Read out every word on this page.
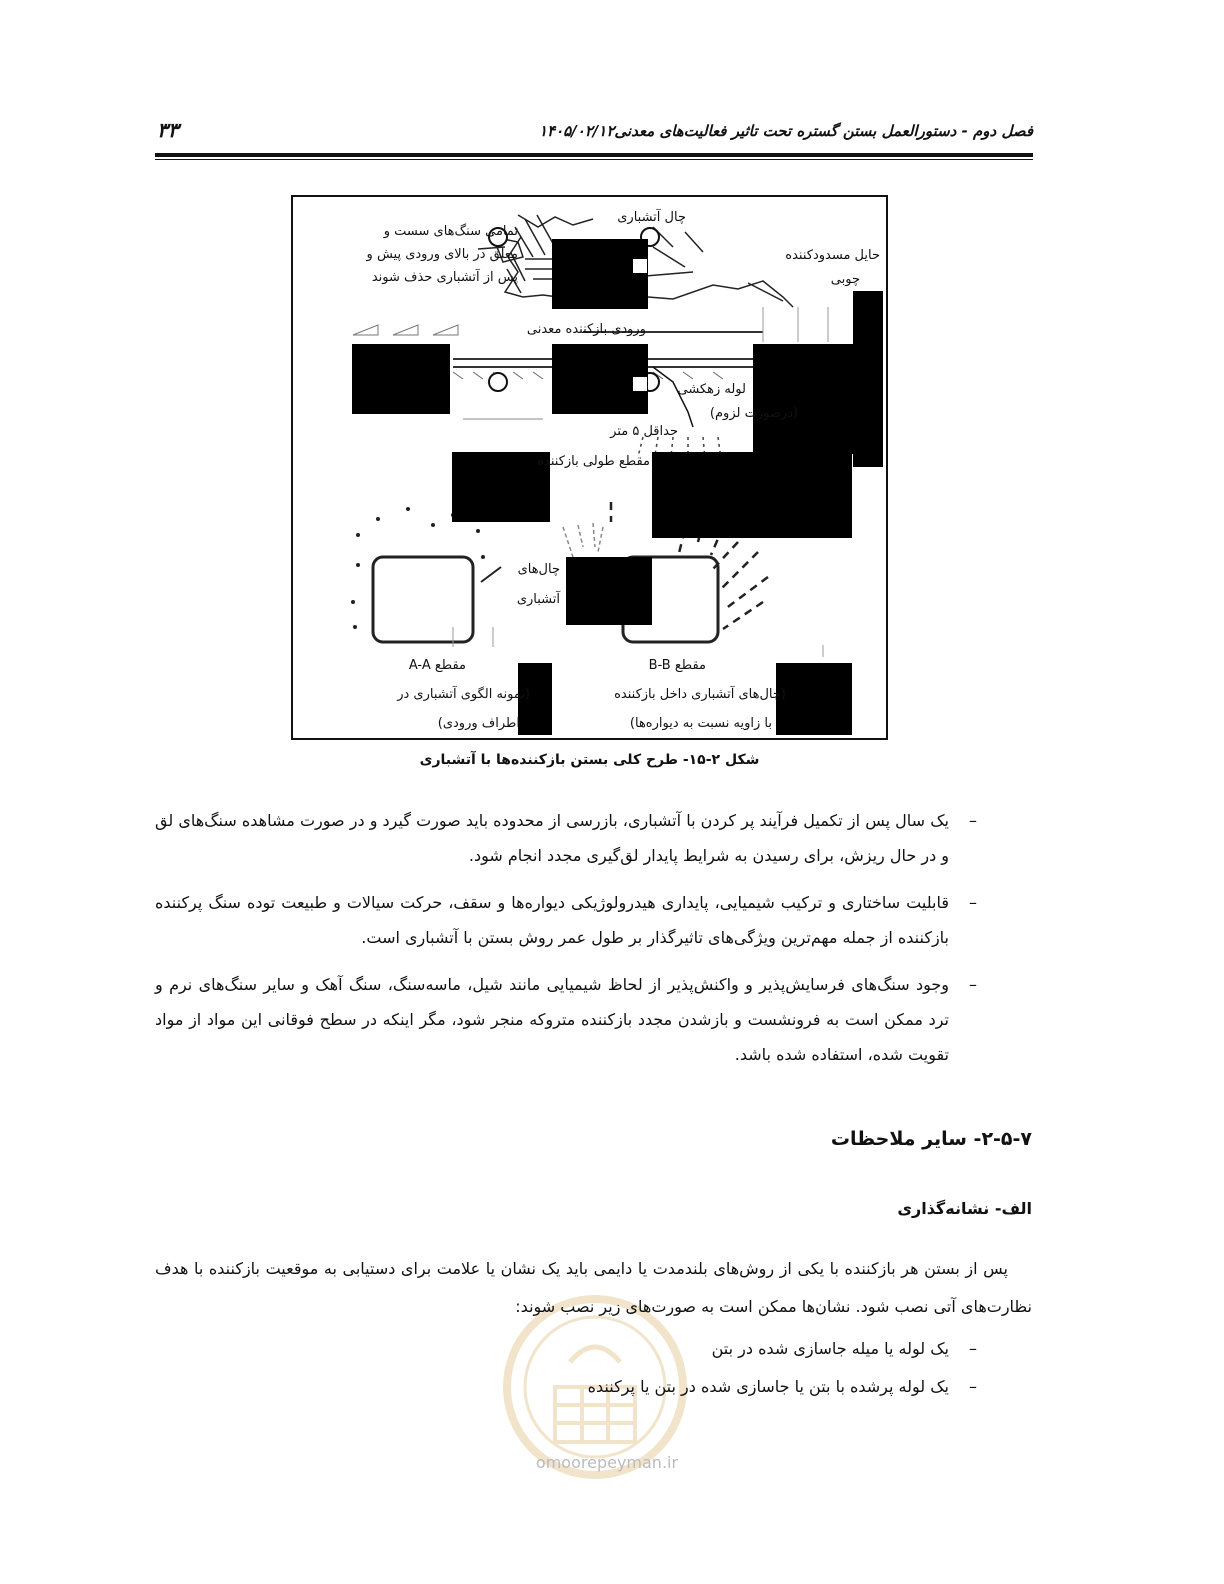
فصل دوم - دستورالعمل بستن گستره تحت تاثیر فعالیت‌های معدنی۱۴۰۵/۰۲/۱۲
۳۳
چال آتشباری
تمامی سنگ‌های سست و
معلق در بالای ورودی پیش و
پس از آتشباری حذف شوند
حایل مسدودکننده
چوبی
ورودی بازکننده معدنی
لوله زهکشی
(درصورت لزوم)
حداقل ۵ متر
مقطع طولی بازکننده
چال‌های
آتشباری
مقطع A-A
(نمونه الگوی آتشباری در
اطراف ورودی)
مقطع B-B
(چال‌های آتشباری داخل بازکننده
با زاویه نسبت به دیواره‌ها)
شکل ۲-۱۵- طرح کلی بستن بازکننده‌ها با آتشباری
–
یک سال پس از تکمیل فرآیند پر کردن با آتشباری، بازرسی از محدوده باید صورت گیرد و در صورت مشاهده سنگ‌های لق و در حال ریزش، برای رسیدن به شرایط پایدار لق‌گیری مجدد انجام شود.
–
قابلیت ساختاری و ترکیب شیمیایی، پایداری هیدرولوژیکی دیواره‌ها و سقف، حرکت سیالات و طبیعت توده سنگ پرکننده بازکننده از جمله مهم‌ترین ویژگی‌های تاثیرگذار بر طول عمر روش بستن با آتشباری است.
–
وجود سنگ‌های فرسایش‌پذیر و واکنش‌پذیر از لحاظ شیمیایی مانند شیل، ماسه‌سنگ، سنگ آهک و سایر سنگ‌های نرم و ترد ممکن است به فرونشست و بازشدن مجدد بازکننده متروکه منجر شود، مگر اینکه در سطح فوقانی این مواد از مواد تقویت شده، استفاده شده باشد.
۲-۵-۷- سایر ملاحظات
الف- نشانه‌گذاری

پس از بستن هر بازکننده با یکی از روش‌های بلندمدت یا دایمی باید یک نشان یا علامت برای دستیابی به موقعیت بازکننده با هدف نظارت‌های آتی نصب شود. نشان‌ها ممکن است به صورت‌های زیر نصب شوند:

–
یک لوله یا میله جاسازی شده در بتن
–
یک لوله پرشده با بتن یا جاسازی شده در بتن یا پرکننده
omoorepeyman.ir
